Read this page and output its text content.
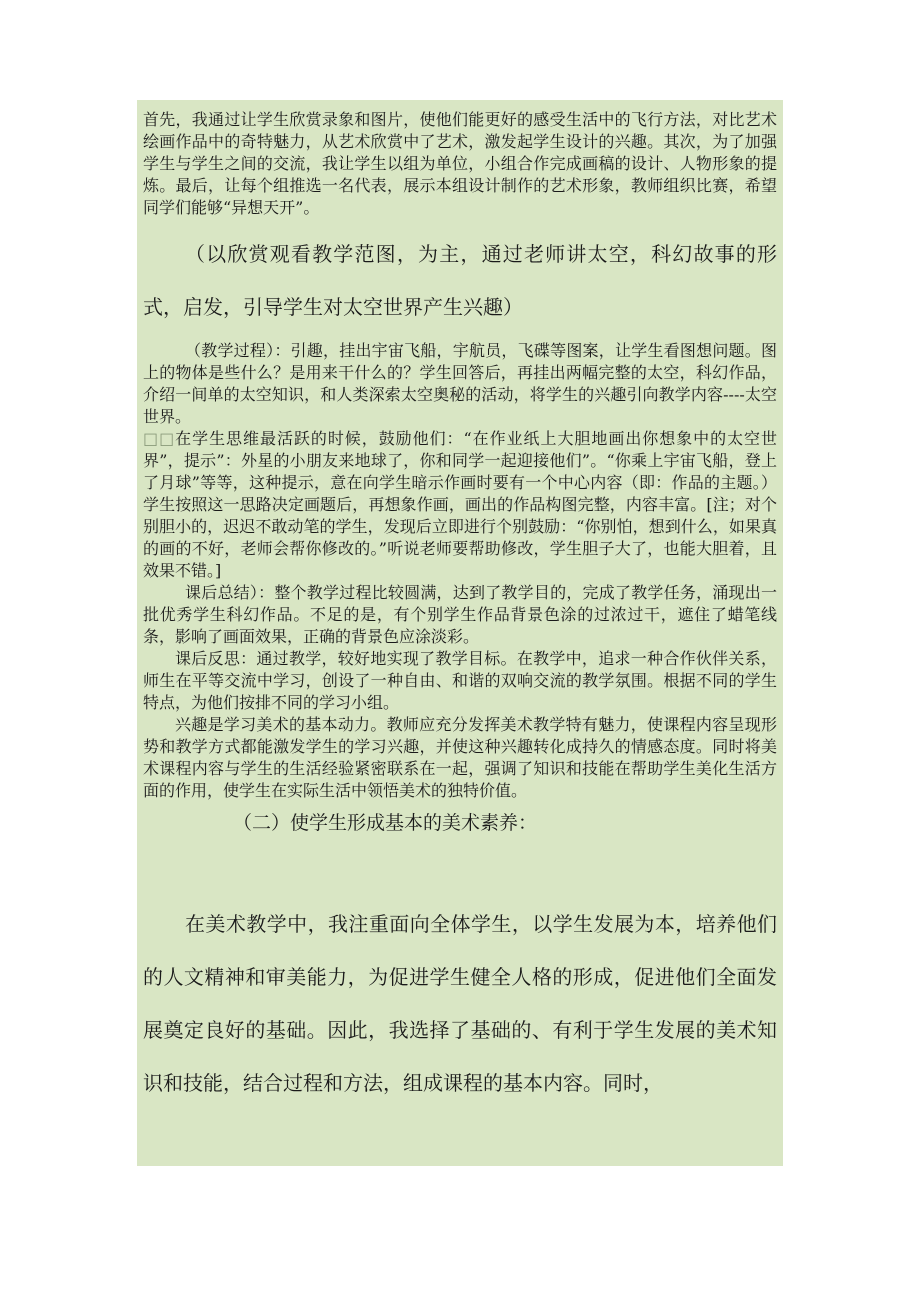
首先，我通过让学生欣赏录象和图片，使他们能更好的感受生活中的飞行方法，对比艺术绘画作品中的奇特魅力，从艺术欣赏中了艺术，激发起学生设计的兴趣。其次，为了加强学生与学生之间的交流，我让学生以组为单位，小组合作完成画稿的设计、人物形象的提炼。最后，让每个组推选一名代表，展示本组设计制作的艺术形象，教师组织比赛，希望同学们能够“异想天开”。

（以欣赏观看教学范图，为主，通过老师讲太空，科幻故事的形式，启发，引导学生对太空世界产生兴趣）

（教学过程）：引趣，挂出宇宙飞船，宇航员，飞碟等图案，让学生看图想问题。图上的物体是些什么？是用来干什么的？学生回答后，再挂出两幅完整的太空，科幻作品，介绍一间单的太空知识，和人类深索太空奥秘的活动，将学生的兴趣引向教学内容----太空世界。

□□在学生思维最活跃的时候，鼓励他们：“在作业纸上大胆地画出你想象中的太空世界”，提示”：外星的小朋友来地球了，你和同学一起迎接他们”。“你乘上宇宙飞船，登上了月球”等等，这种提示，意在向学生暗示作画时要有一个中心内容（即：作品的主题。）学生按照这一思路决定画题后，再想象作画，画出的作品构图完整，内容丰富。[注；对个别胆小的，迟迟不敢动笔的学生，发现后立即进行个别鼓励：“你别怕，想到什么，如果真的画的不好，老师会帮你修改的。”听说老师要帮助修改，学生胆子大了，也能大胆着，且效果不错。]

课后总结）：整个教学过程比较圆满，达到了教学目的，完成了教学任务，涌现出一批优秀学生科幻作品。不足的是，有个别学生作品背景色涂的过浓过干，遮住了蜡笔线条，影响了画面效果，正确的背景色应涂淡彩。

课后反思：通过教学，较好地实现了教学目标。在教学中，追求一种合作伙伴关系，师生在平等交流中学习，创设了一种自由、和谐的双响交流的教学氛围。根据不同的学生特点，为他们按排不同的学习小组。

兴趣是学习美术的基本动力。教师应充分发挥美术教学特有魅力，使课程内容呈现形势和教学方式都能激发学生的学习兴趣，并使这种兴趣转化成持久的情感态度。同时将美术课程内容与学生的生活经验紧密联系在一起，强调了知识和技能在帮助学生美化生活方面的作用，使学生在实际生活中领悟美术的独特价值。

（二）使学生形成基本的美术素养：

在美术教学中，我注重面向全体学生，以学生发展为本，培养他们的人文精神和审美能力，为促进学生健全人格的形成，促进他们全面发展奠定良好的基础。因此，我选择了基础的、有利于学生发展的美术知识和技能，结合过程和方法，组成课程的基本内容。同时，
